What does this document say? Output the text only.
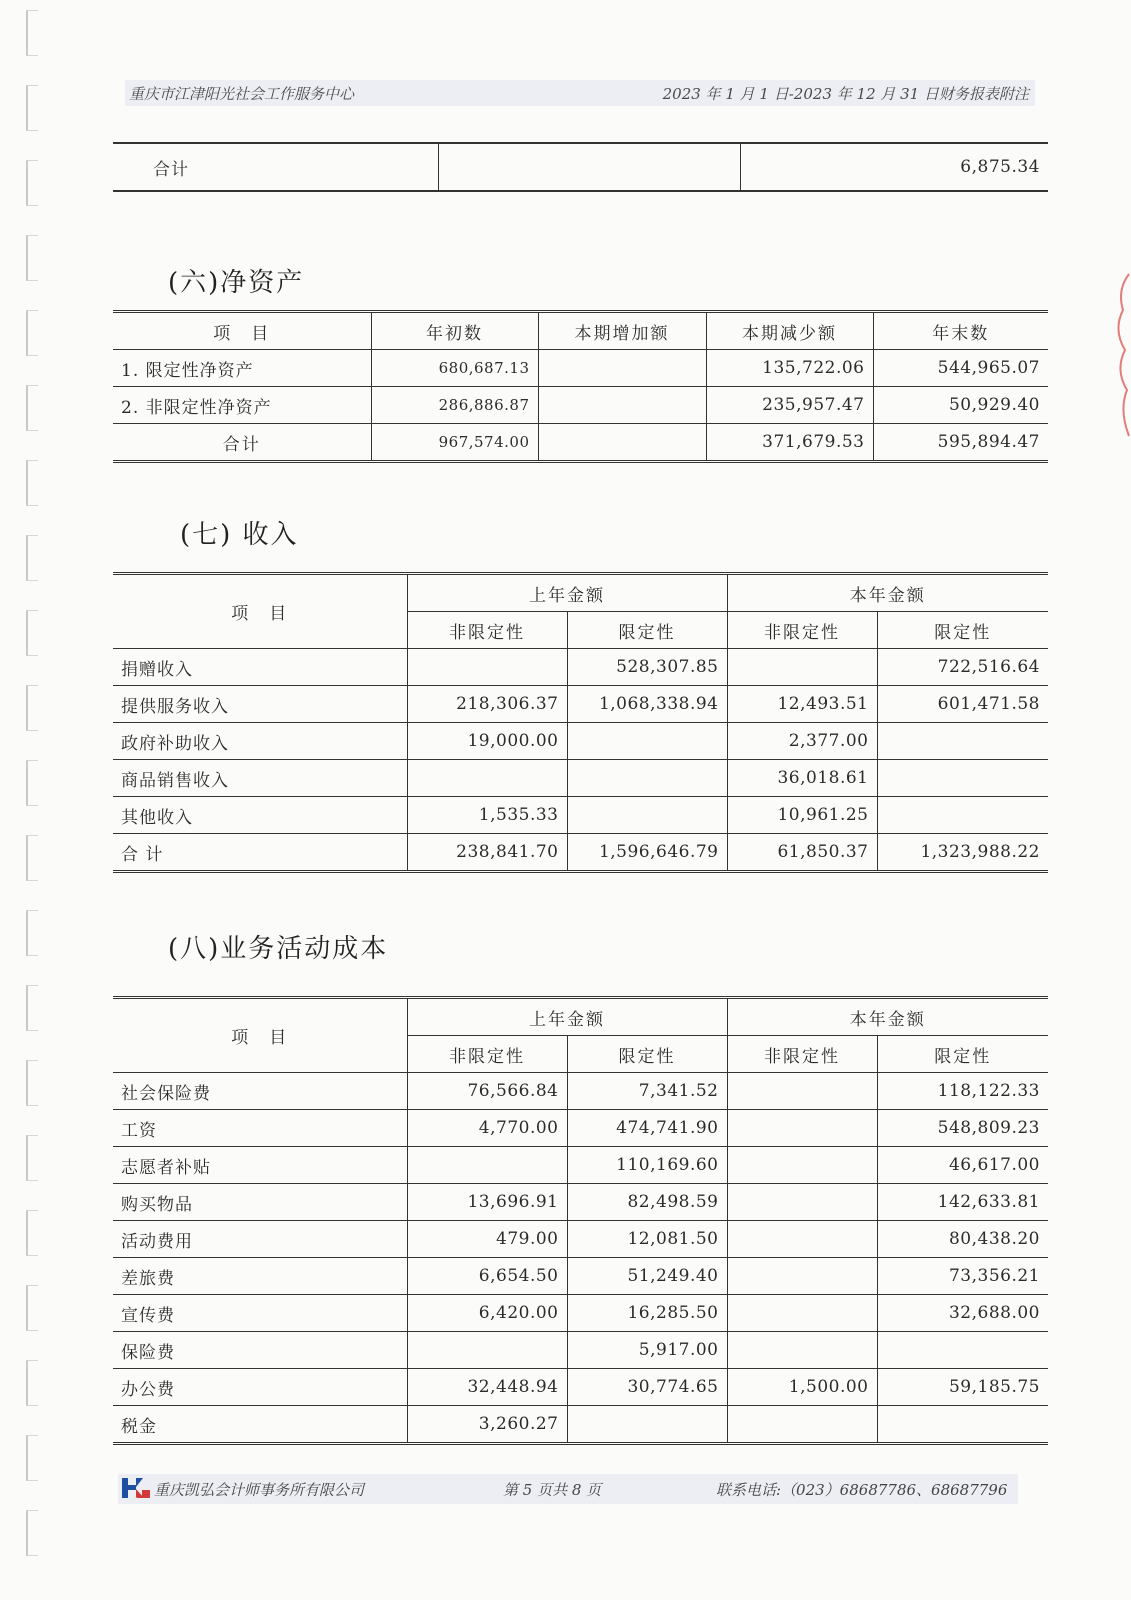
重庆市江津阳光社会工作服务中心	2023 年 1 月 1 日-2023 年 12 月 31 日财务报表附注
合计		6,875.34
(六)净资产
项　目	年初数	本期增加额	本期减少额	年末数
1. 限定性净资产	680,687.13		135,722.06	544,965.07
2. 非限定性净资产	286,886.87		235,957.47	50,929.40
合计	967,574.00		371,679.53	595,894.47
(七) 收入
项　目	上年金额		本年金额	
	非限定性	限定性	非限定性	限定性
捐赠收入		528,307.85		722,516.64
提供服务收入	218,306.37	1,068,338.94	12,493.51	601,471.58
政府补助收入	19,000.00		2,377.00	
商品销售收入			36,018.61	
其他收入	1,535.33		10,961.25	
合 计	238,841.70	1,596,646.79	61,850.37	1,323,988.22
(八)业务活动成本
项　目	上年金额		本年金额	
	非限定性	限定性	非限定性	限定性
社会保险费	76,566.84	7,341.52		118,122.33
工资	4,770.00	474,741.90		548,809.23
志愿者补贴		110,169.60		46,617.00
购买物品	13,696.91	82,498.59		142,633.81
活动费用	479.00	12,081.50		80,438.20
差旅费	6,654.50	51,249.40		73,356.21
宣传费	6,420.00	16,285.50		32,688.00
保险费		5,917.00		
办公费	32,448.94	30,774.65	1,500.00	59,185.75
税金	3,260.27			
重庆凯弘会计师事务所有限公司	第 5 页共 8 页	联系电话:（023）68687786、68687796
